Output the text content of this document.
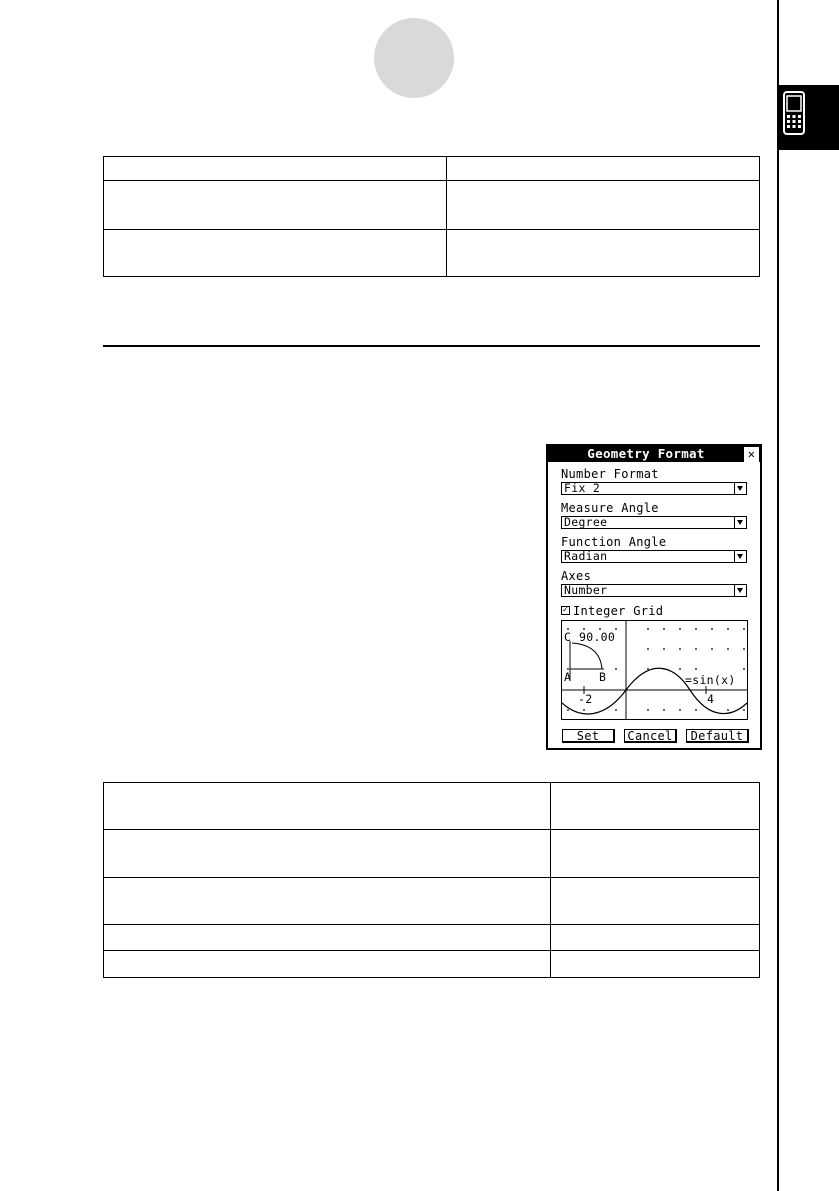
Geometry Format	✕
Number Format
Fix 2
Measure Angle
Degree
Function Angle
Radian
Axes
Number
✓ Integer Grid
C 90.00
A B	=sin(x)
-2	4
Set	Cancel	Default
